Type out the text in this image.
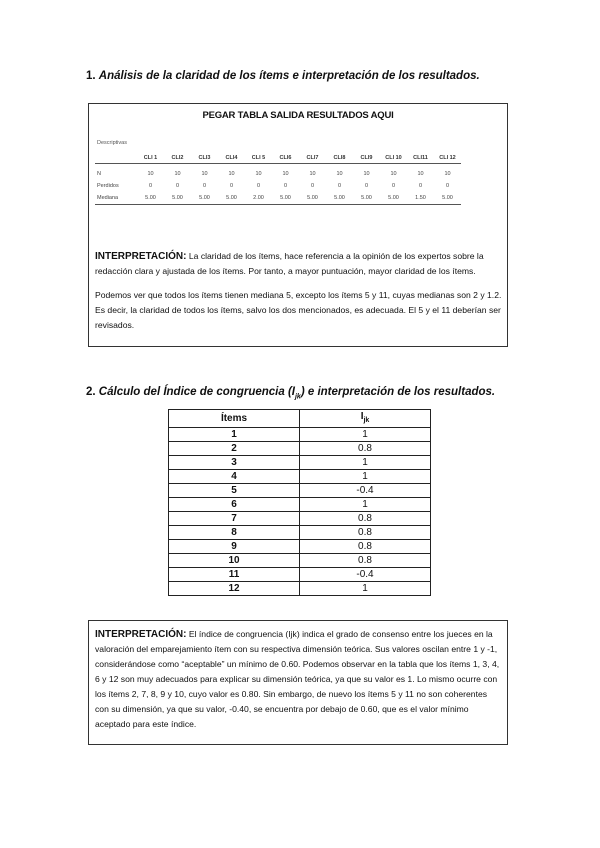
1. Análisis de la claridad de los ítems e interpretación de los resultados.
PEGAR TABLA SALIDA RESULTADOS AQUI
Descriptivas
	CLI 1	CLI2	CLI3	CLI4	CLI 5	CLI6	CLI7	CLI8	CLI9	CLI 10	CLI11	CLI 12
N	10	10	10	10	10	10	10	10	10	10	10	10
Perdidos	0	0	0	0	0	0	0	0	0	0	0	0
Mediana	5.00	5.00	5.00	5.00	2.00	5.00	5.00	5.00	5.00	5.00	1.50	5.00
INTERPRETACIÓN: La claridad de los ítems, hace referencia a la opinión de los expertos sobre la redacción clara y ajustada de los ítems. Por tanto, a mayor puntuación, mayor claridad de los ítems.
Podemos ver que todos los ítems tienen mediana 5, excepto los ítems 5 y 11, cuyas medianas son 2 y 1.2. Es decir, la claridad de todos los ítems, salvo los dos mencionados, es adecuada. El 5 y el 11 deberían ser revisados.
2. Cálculo del Índice de congruencia $(I_{jk})$ e interpretación de los resultados.
Ítems	$I_{jk}$
1	1
2	0.8
3	1
4	1
5	-0.4
6	1
7	0.8
8	0.8
9	0.8
10	0.8
11	-0.4
12	1
INTERPRETACIÓN: El índice de congruencia (Ijk) indica el grado de consenso entre los jueces en la valoración del emparejamiento ítem con su respectiva dimensión teórica. Sus valores oscilan entre 1 y -1, considerándose como “aceptable” un mínimo de 0.60. Podemos observar en la tabla que los ítems 1, 3, 4, 6 y 12 son muy adecuados para explicar su dimensión teórica, ya que su valor es 1. Lo mismo ocurre con los ítems 2, 7, 8, 9 y 10, cuyo valor es 0.80. Sin embargo, de nuevo los ítems 5 y 11 no son coherentes con su dimensión, ya que su valor, -0.40, se encuentra por debajo de 0.60, que es el valor mínimo aceptado para este índice.
